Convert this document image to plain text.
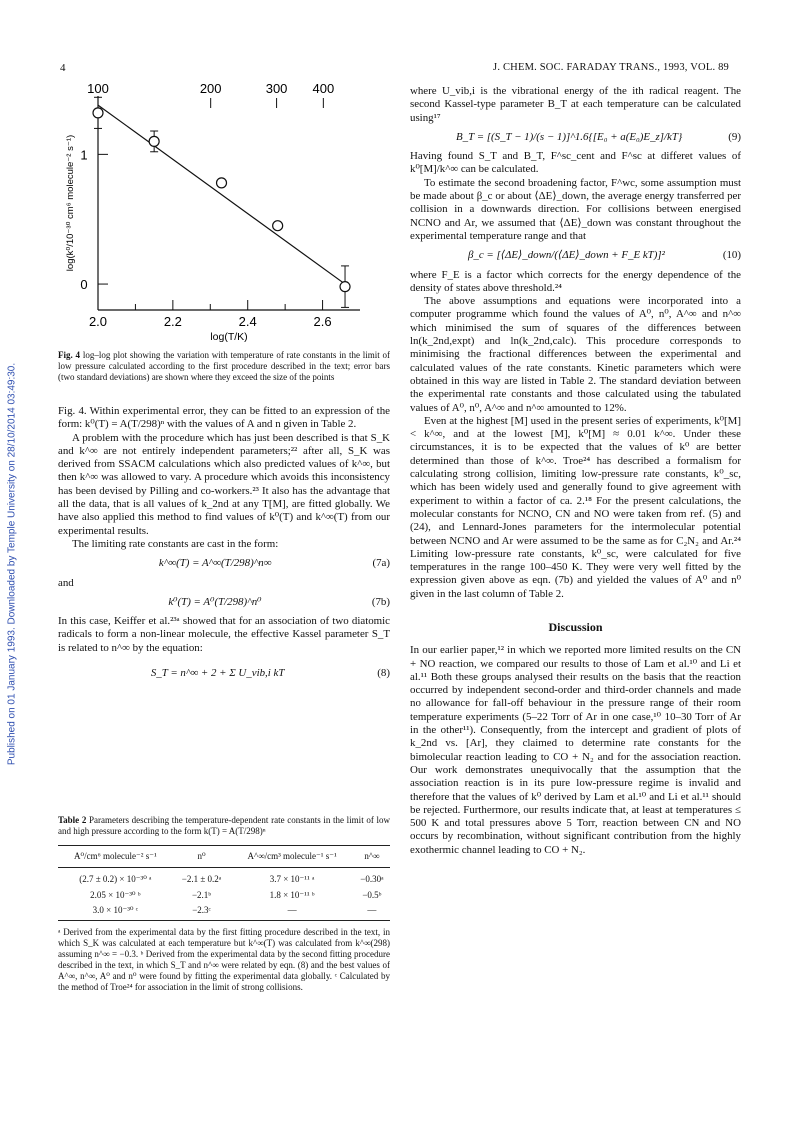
4	J. CHEM. SOC. FARADAY TRANS., 1993, VOL. 89
Published on 01 January 1993. Downloaded by Temple University on 28/10/2014 03:49:30.
2.0	2.2	2.4	2.6
0
1
100	200	300 400
log(T/K)
log(k⁰/10⁻³⁰ cm⁶ molecule⁻² s⁻¹)
Fig. 4 log–log plot showing the variation with temperature of rate constants in the limit of low pressure calculated according to the first procedure described in the text; error bars (two standard deviations) are shown where they exceed the size of the points

Fig. 4. Within experimental error, they can be fitted to an expression of the form: k⁰(T) = A(T/298)ⁿ with the values of A and n given in Table 2.

A problem with the procedure which has just been described is that S_K and k^∞ are not entirely independent parameters;²² after all, S_K was derived from SSACM calculations which also predicted values of k^∞, but then k^∞ was allowed to vary. A procedure which avoids this inconsistency has been devised by Pilling and co-workers.²³ It also has the advantage that all the data, that is all values of k_2nd at any T[M], are fitted globally. We have also applied this method to find values of k⁰(T) and k^∞(T) from our experimental results.

The limiting rate constants are cast in the form:

k^∞(T) = A^∞(T/298)^n∞	(7a)

and

k⁰(T) = A⁰(T/298)^n⁰	(7b)

In this case, Keiffer et al.²³ᵃ showed that for an association of two diatomic radicals to form a non-linear molecule, the effective Kassel parameter S_T is related to n^∞ by the equation:

S_T = n^∞ + 2 + Σ U_vib,i kT	(8)
Table 2 Parameters describing the temperature-dependent rate constants in the limit of low and high pressure according to the form k(T) = A(T/298)ⁿ
A⁰/cm⁶ molecule⁻² s⁻¹	n⁰	A^∞/cm³ molecule⁻¹ s⁻¹	n^∞
(2.7 ± 0.2) × 10⁻³⁰ ᵃ	−2.1 ± 0.2ᵃ	3.7 × 10⁻¹¹ ᵃ	−0.30ᵃ
2.05 × 10⁻³⁰ ᵇ	−2.1ᵇ	1.8 × 10⁻¹¹ ᵇ	−0.5ᵇ
3.0 × 10⁻³⁰ ᶜ	−2.3ᶜ	—	—
ᵃ Derived from the experimental data by the first fitting procedure described in the text, in which S_K was calculated at each temperature but k^∞(T) was calculated from k^∞(298) assuming n^∞ = −0.3. ᵇ Derived from the experimental data by the second fitting procedure described in the text, in which S_T and n^∞ were related by eqn. (8) and the best values of A^∞, n^∞, A⁰ and n⁰ were found by fitting the experimental data globally. ᶜ Calculated by the method of Troe²⁴ for association in the limit of strong collisions.

where U_vib,i is the vibrational energy of the ith radical reagent. The second Kassel-type parameter B_T at each temperature can be calculated using¹⁷

B_T = [(S_T − 1)/(s − 1)]^1.6{[E₀ + a(E₀)E_z]/kT}	(9)

Having found S_T and B_T, F^sc_cent and F^sc at differet values of k⁰[M]/k^∞ can be calculated.

To estimate the second broadening factor, F^wc, some assumption must be made about β_c or about ⟨ΔE⟩_down, the average energy transferred per collision in a downwards direction. For collisions between energised NCNO and Ar, we assumed that ⟨ΔE⟩_down was constant throughout the experimental temperature range and that

β_c = [⟨ΔE⟩_down/(⟨ΔE⟩_down + F_E kT)]²	(10)

where F_E is a factor which corrects for the energy dependence of the density of states above threshold.²⁴

The above assumptions and equations were incorporated into a computer programme which found the values of A⁰, n⁰, A^∞ and n^∞ which minimised the sum of squares of the differences between ln(k_2nd,expt) and ln(k_2nd,calc). This procedure corresponds to minimising the fractional differences between the experimental and calculated values of the rate constants. Kinetic parameters which were obtained in this way are listed in Table 2. The standard deviation between the experimental rate constants and those calculated using the tabulated values of A⁰, n⁰, A^∞ and n^∞ amounted to 12%.

Even at the highest [M] used in the present series of experiments, k⁰[M] < k^∞, and at the lowest [M], k⁰[M] ≈ 0.01 k^∞. Under these circumstances, it is to be expected that the values of k⁰ are better determined than those of k^∞. Troe²⁴ has described a formalism for calculating strong collision, limiting low-pressure rate constants, k⁰_sc, which has been widely used and generally found to give agreement with experiment to within a factor of ca. 2.¹⁸ For the present calculations, the molecular constants for NCNO, CN and NO were taken from ref. (5) and (24), and Lennard-Jones parameters for the intermolecular potential between NCNO and Ar were assumed to be the same as for C₂N₂ and Ar.²⁴ Limiting low-pressure rate constants, k⁰_sc, were calculated for five temperatures in the range 100–450 K. They were very well fitted by the expression given above as eqn. (7b) and yielded the values of A⁰ and n⁰ given in the last column of Table 2.

Discussion

In our earlier paper,¹² in which we reported more limited results on the CN + NO reaction, we compared our results to those of Lam et al.¹⁰ and Li et al.¹¹ Both these groups analysed their results on the basis that the reaction occurred by independent second-order and third-order channels and made no allowance for fall-off behaviour in the pressure range of their room temperature experiments (5–22 Torr of Ar in one case,¹⁰ 10–30 Torr of Ar in the other¹¹). Consequently, from the intercept and gradient of plots of k_2nd vs. [Ar], they claimed to determine rate constants for the bimolecular reaction leading to CO + N₂ and for the association reaction. Our work demonstrates unequivocally that the assumption that the association reaction is in its pure low-pressure regime is invalid and therefore that the values of k⁰ derived by Lam et al.¹⁰ and Li et al.¹¹ should be rejected. Furthermore, our results indicate that, at least at temperatures ≤ 500 K and total pressures above 5 Torr, reaction between CN and NO occurs by recombination, without significant contribution from the highly exothermic channel leading to CO + N₂.
